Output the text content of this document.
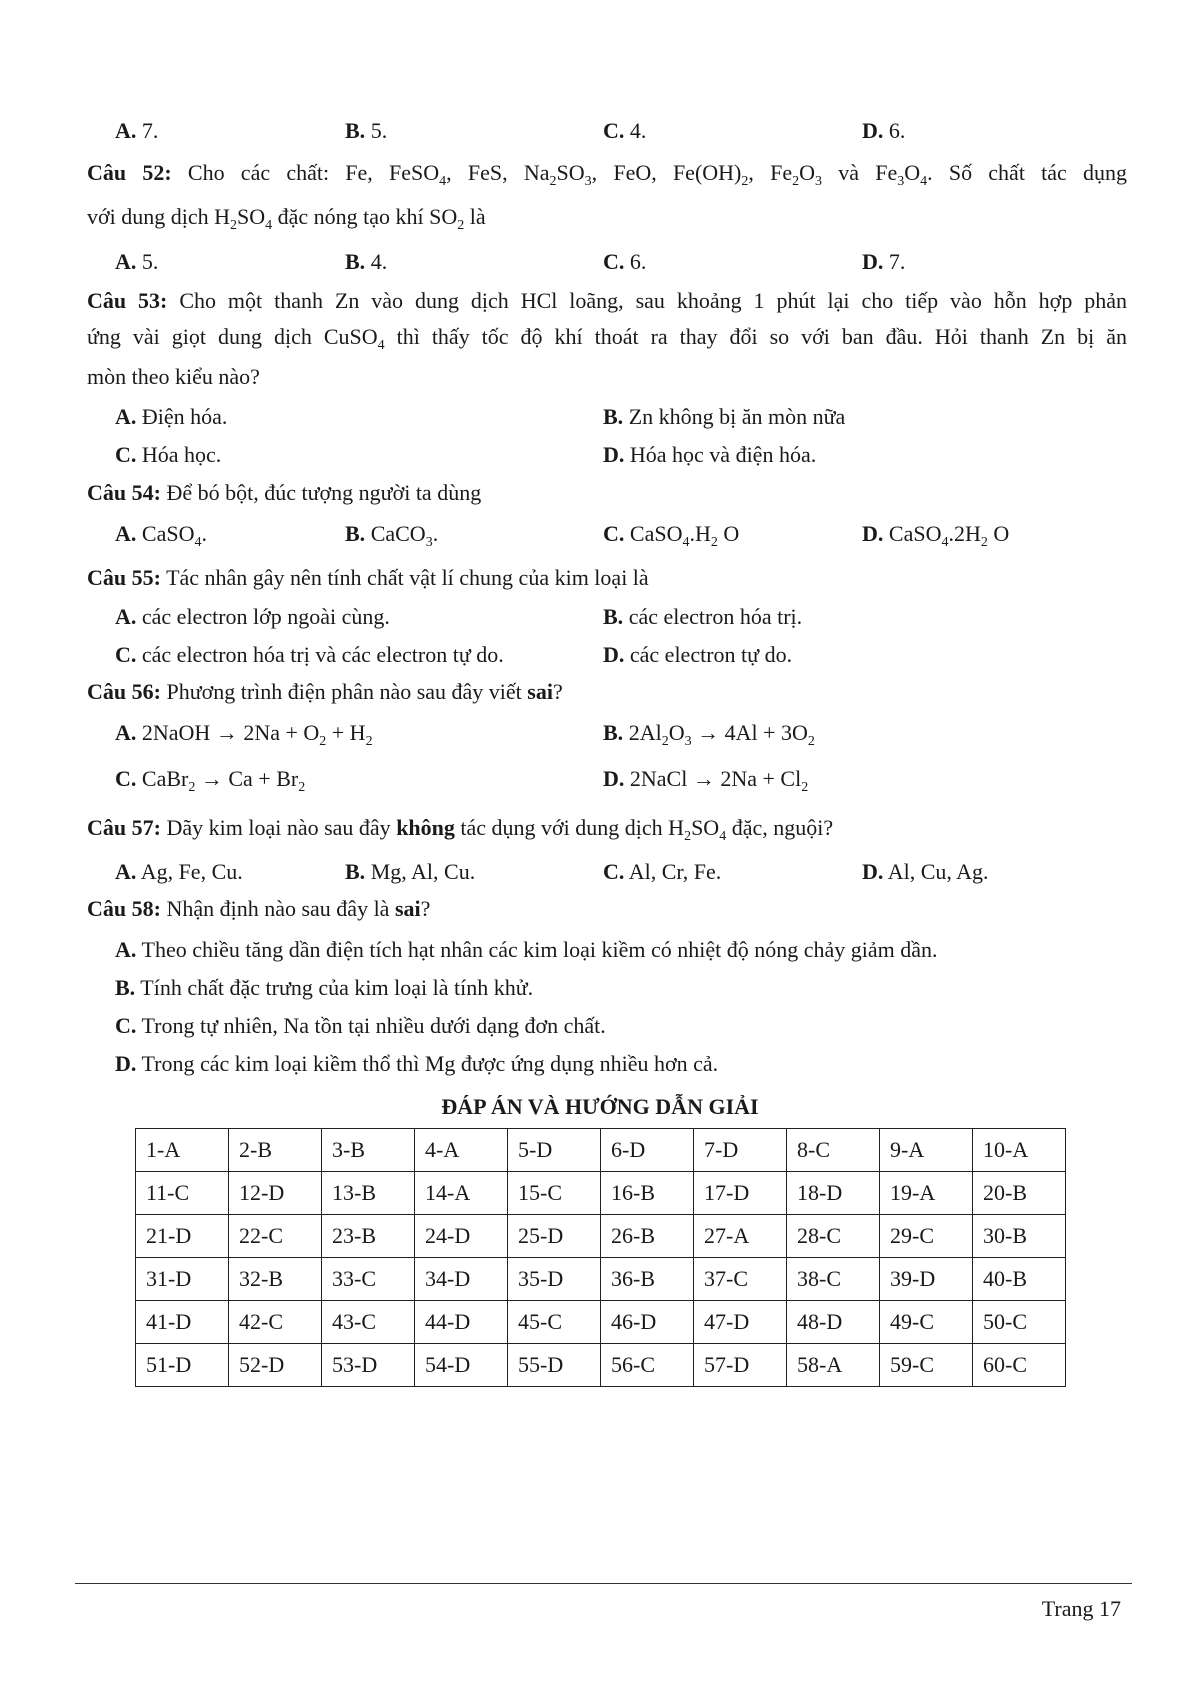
A. 7.	B. 5.	C. 4.	D. 6.
Câu 52: Cho các chất: Fe, FeSO$_4$, FeS, $Na_2SO_3$, FeO, $Fe(OH)_2$, $Fe_2O_3$ và $Fe_3O_4$. Số chất tác dụng
với dung dịch $H_2SO_4$ đặc nóng tạo khí $SO_2$ là
A. 5.	B. 4.	C. 6.	D. 7.
Câu 53: Cho một thanh Zn vào dung dịch HCl loãng, sau khoảng 1 phút lại cho tiếp vào hỗn hợp phản
ứng vài giọt dung dịch CuSO$_4$ thì thấy tốc độ khí thoát ra thay đổi so với ban đầu. Hỏi thanh Zn bị ăn
mòn theo kiểu nào?
A. Điện hóa.	B. Zn không bị ăn mòn nữa
C. Hóa học.	D. Hóa học và điện hóa.
Câu 54: Để bó bột, đúc tượng người ta dùng
A. CaSO$_4$.	B. CaCO$_3$.	C. $CaSO_4.H_2$ O	D. $CaSO_4.2H_2$ O
Câu 55: Tác nhân gây nên tính chất vật lí chung của kim loại là
A. các electron lớp ngoài cùng.	B. các electron hóa trị.
C. các electron hóa trị và các electron tự do.	D. các electron tự do.
Câu 56: Phương trình điện phân nào sau đây viết sai?
A. 2NaOH → $2Na + O_2 + H_2$	B. $2Al_2O_3 \to 4Al + 3O_2$
C. CaBr$_2$ → $Ca + Br_2$	D. 2NaCl → $2Na + Cl_2$
Câu 57: Dãy kim loại nào sau đây không tác dụng với dung dịch $H_2SO_4$ đặc, nguội?
A. Ag, Fe, Cu.	B. Mg, Al, Cu.	C. Al, Cr, Fe.	D. Al, Cu, Ag.
Câu 58: Nhận định nào sau đây là sai?
A. Theo chiều tăng dần điện tích hạt nhân các kim loại kiềm có nhiệt độ nóng chảy giảm dần.
B. Tính chất đặc trưng của kim loại là tính khử.
C. Trong tự nhiên, Na tồn tại nhiều dưới dạng đơn chất.
D. Trong các kim loại kiềm thổ thì Mg được ứng dụng nhiều hơn cả.
ĐÁP ÁN VÀ HƯỚNG DẪN GIẢI
1-A	2-B	3-B	4-A	5-D	6-D	7-D	8-C	9-A	10-A
11-C	12-D	13-B	14-A	15-C	16-B	17-D	18-D	19-A	20-B
21-D	22-C	23-B	24-D	25-D	26-B	27-A	28-C	29-C	30-B
31-D	32-B	33-C	34-D	35-D	36-B	37-C	38-C	39-D	40-B
41-D	42-C	43-C	44-D	45-C	46-D	47-D	48-D	49-C	50-C
51-D	52-D	53-D	54-D	55-D	56-C	57-D	58-A	59-C	60-C
Trang 17
